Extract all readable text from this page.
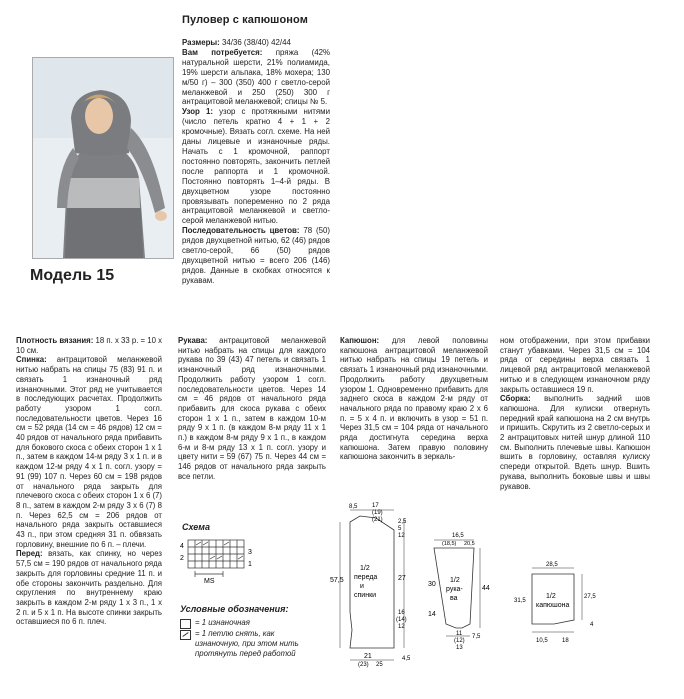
Пуловер с капюшоном
Модель 15

Размеры: 34/36 (38/40) 42/44

Вам потребуется: пряжа (42% натуральной шерсти, 21% полиамида, 19% шерсти альпака, 18% мохера; 130 м/50 г) – 300 (350) 400 г светло-серой меланжевой и 250 (250) 300 г антрацитовой меланжевой; спицы № 5.

Узор 1: узор с протяжными нитями (число петель кратно 4 + 1 + 2 кромочные). Вязать согл. схеме. На ней даны лицевые и изнаночные ряды. Начать с 1 кромочной, раппорт постоянно повторять, закончить петлей после раппорта и 1 кромочной. Постоянно повторять 1–4-й ряды. В двухцветном узоре постоянно провязывать попеременно по 2 ряда антрацитовой меланжевой и светло-серой меланжевой нитью.

Последовательность цветов: 78 (50) рядов двухцветной нитью, 62 (46) рядов светло-серой, 66 (50) рядов двухцветной нитью = всего 206 (146) рядов. Данные в скобках относятся к рукавам.

Плотность вязания: 18 п. х 33 р. = 10 х 10 см.

Спинка: антрацитовой меланжевой нитью набрать на спицы 75 (83) 91 п. и связать 1 изнаночный ряд изнаночными. Этот ряд не учитывается в последующих расчетах. Продолжить работу узором 1 согл. последовательности цветов. Через 16 см = 52 ряда (14 см = 46 рядов) 12 см = 40 рядов от начального ряда прибавить для бокового скоса с обеих сторон 1 х 1 п., затем в каждом 14-м ряду 3 х 1 п. и в каждом 12-м ряду 4 х 1 п. согл. узору = 91 (99) 107 п. Через 60 см = 198 рядов от начального ряда закрыть для плечевого скоса с обеих сторон 1 х 6 (7) 8 п., затем в каждом 2-м ряду 3 х 6 (7) 8 п. Через 62,5 см = 206 рядов от начального ряда закрыть оставшиеся 43 п., при этом средняя 31 п. обвязать горловину, внешние по 6 п. – плечи.

Перед: вязать, как спинку, но через 57,5 см = 190 рядов от начального ряда закрыть для горловины средние 11 п. и обе стороны закончить раздельно. Для скругления по внутреннему краю закрыть в каждом 2-м ряду 1 х 3 п., 1 х 2 п. и 5 х 1 п. На высоте спинки закрыть оставшиеся по 6 п. плеч.

Рукава: антрацитовой меланжевой нитью набрать на спицы для каждого рукава по 39 (43) 47 петель и связать 1 изнаночный ряд изнаночными. Продолжить работу узором 1 согл. последовательности цветов. Через 14 см = 46 рядов от начального ряда прибавить для скоса рукава с обеих сторон 1 х 1 п., затем в каждом 10-м ряду 9 х 1 п. (в каждом 8-м ряду 11 х 1 п.) в каждом 8-м ряду 9 х 1 п., в каждом 6-м и 8-м ряду 13 х 1 п. согл. узору и цвету нити = 59 (67) 75 п. Через 44 см = 146 рядов от начального ряда закрыть все петли.

Капюшон: для левой половины капюшона антрацитовой меланжевой нитью набрать на спицы 19 петель и связать 1 изнаночный ряд изнаночными. Продолжить работу двухцветным узором 1. Одновременно прибавить для заднего скоса в каждом 2-м ряду от начального ряда по правому краю 2 х 6 п. = 5 х 4 п. и включить в узор = 51 п. Через 31,5 см = 104 ряда от начального ряда достигнута середина верха капюшона. Затем правую половину капюшона закончить в зеркаль-

ном отображении, при этом прибавки станут убавками. Через 31,5 см = 104 ряда от середины верха связать 1 лицевой ряд антрацитовой меланжевой нитью и в следующем изнаночном ряду закрыть оставшиеся 19 п.

Сборка: выполнить задний шов капюшона. Для кулиски отвернуть передний край капюшона на 2 см внутрь и пришить. Скрутить из 2 светло-серых и 2 антрацитовых нитей шнур длиной 110 см. Выполнить плечевые швы. Капюшон вшить в горловину, оставляя кулиску спереди открытой. Вдеть шнур. Вшить рукава, выполнить боковые швы и швы рукавов.

Схема
4
2
3
1
MS
Условные обозначения:
= 1 изнаночная
= 1 петлю снять, как изнаночную, при этом нить протянуть перед работой
8,5 17
(19)
(21)	2,5
5
12
57,5	27
16
(14)
12
21
(23) 25
4,5
1/2 переда и спинки
16,5
(18,5) 20,5
30
44
14
11
(12)
13
7,5
1/2 рука-ва
28,5
31,5
27,5
4
10,5 18
1/2 капюшона
